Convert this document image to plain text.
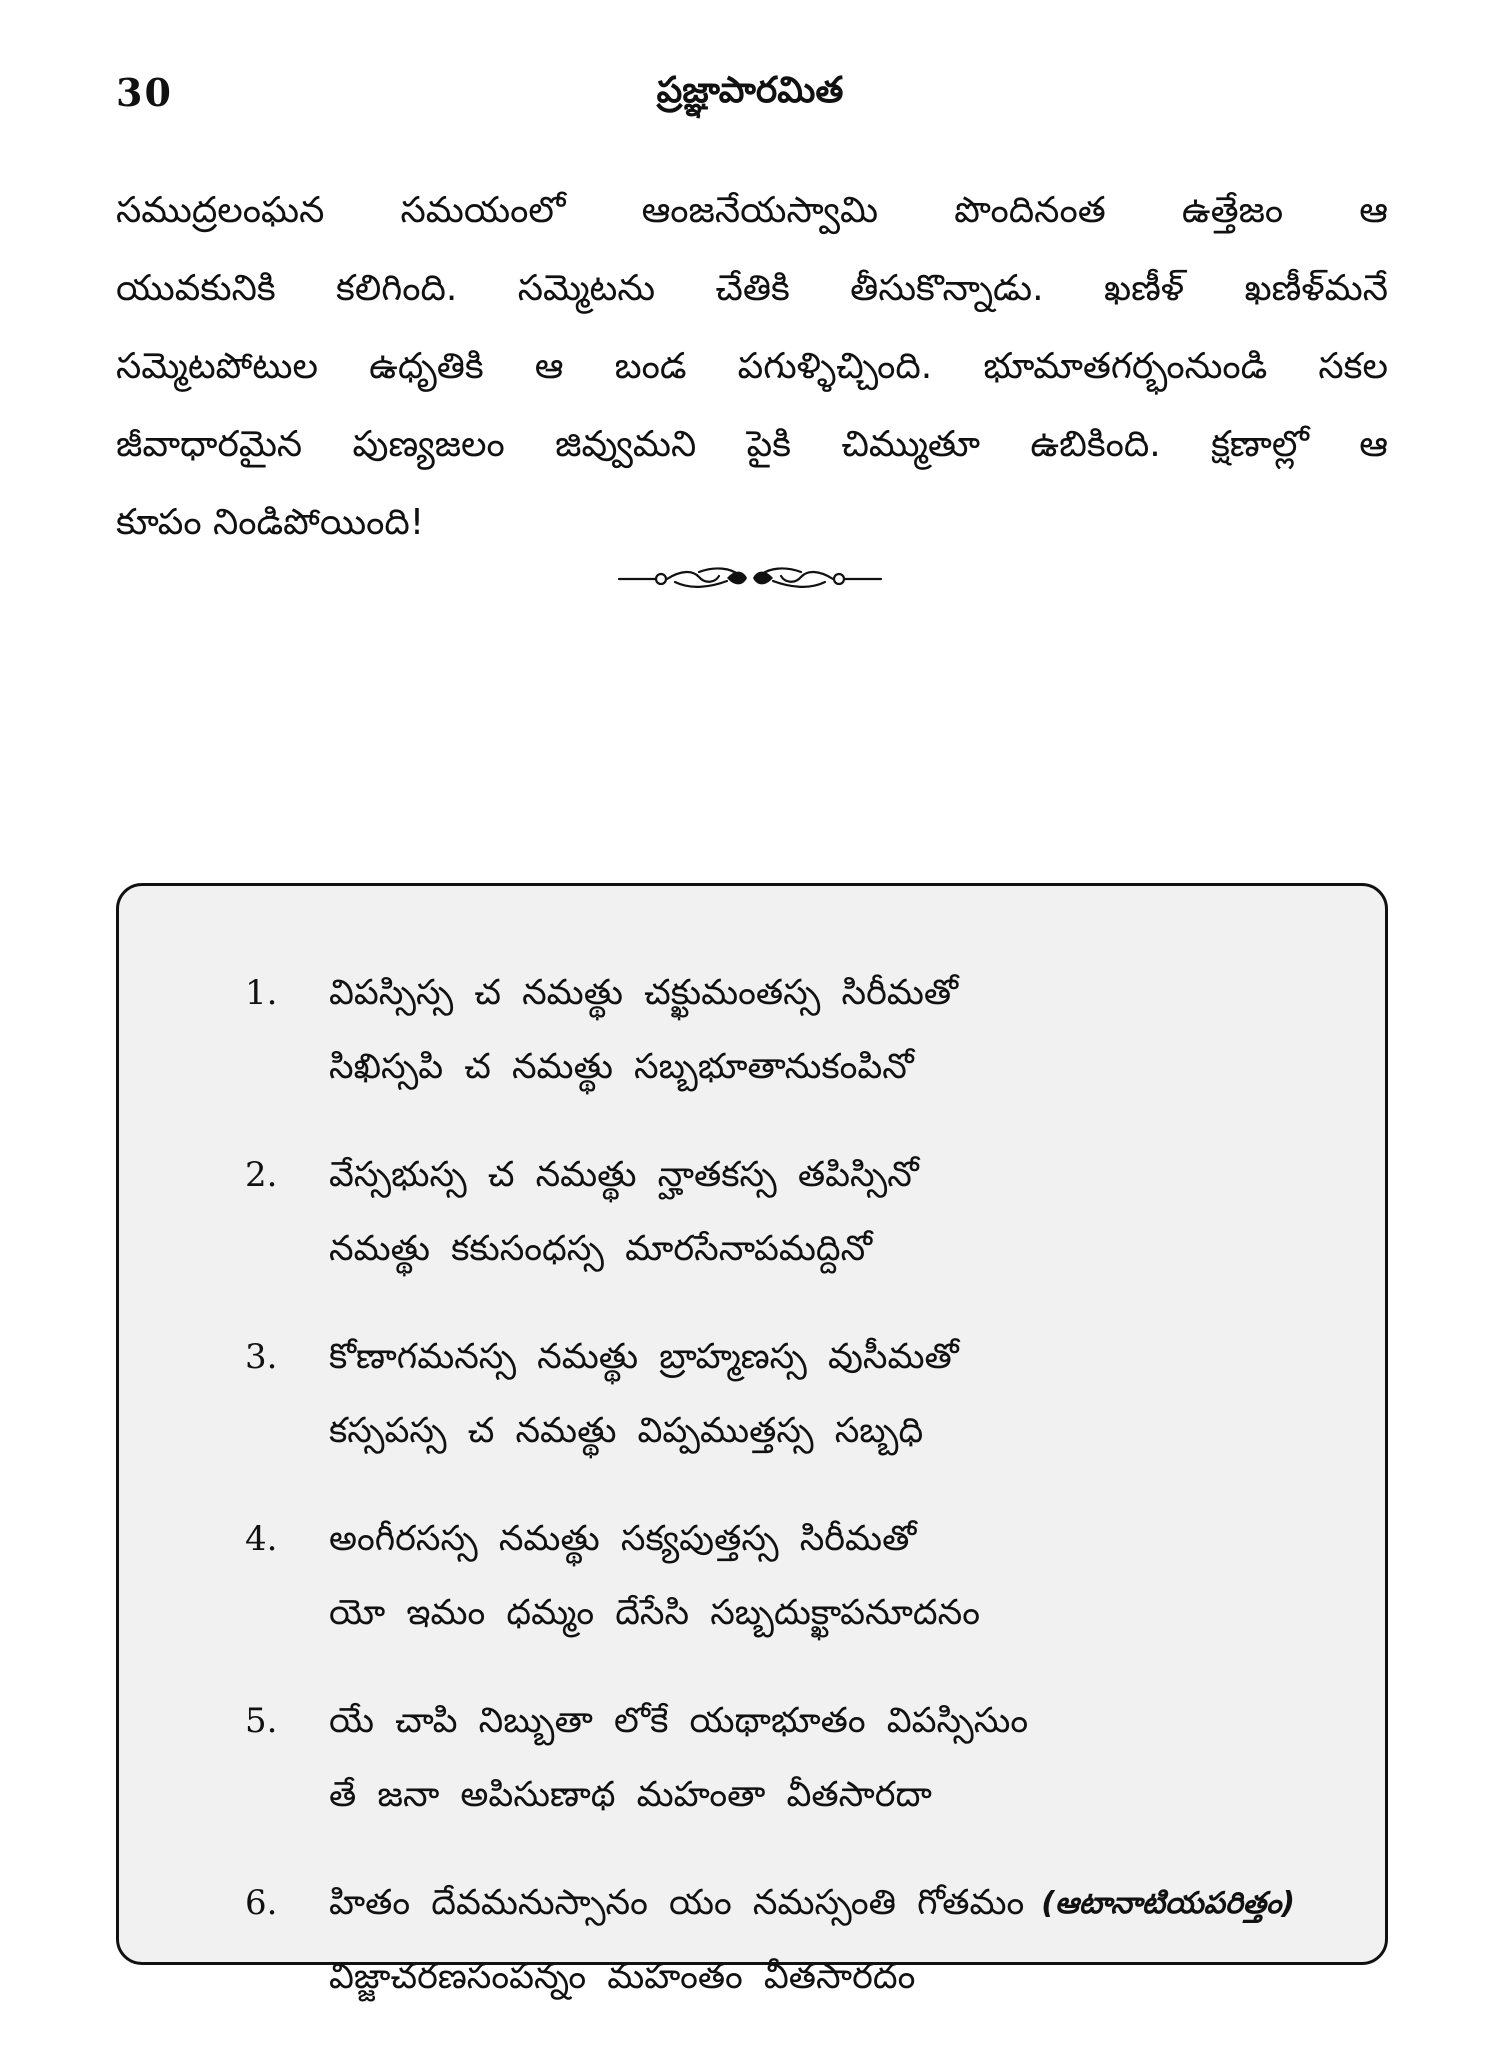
30	ప్రజ్ఞాపారమిత

సముద్రలంఘన సమయంలో ఆంజనేయస్వామి పొందినంత ఉత్తేజం ఆ
యువకునికి కలిగింది. సమ్మెటను చేతికి తీసుకొన్నాడు. ఖణీళ్ ఖణీళ్‌మనే
సమ్మెటపోటుల ఉధృతికి ఆ బండ పగుళ్ళిచ్చింది. భూమాతగర్భంనుండి సకల
జీవాధారమైన పుణ్యజలం జివ్వుమని పైకి చిమ్ముతూ ఉబికింది. క్షణాల్లో ఆ
కూపం నిండిపోయింది!

1.	విపస్సిస్స చ నమత్థు చక్ఖుమంతస్స సిరీమతో
సిఖిస్సపి చ నమత్థు సబ్బభూతానుకంపినో
2.	వేస్సభుస్స చ నమత్థు న్హాతకస్స తపిస్సినో
నమత్థు కకుసంధస్స మారసేనాపమద్దినో
3.	కోణాగమనస్స నమత్థు బ్రాహ్మణస్స వుసీమతో
కస్సపస్స చ నమత్థు విప్పముత్తస్స సబ్బధి
4.	అంగీరసస్స నమత్థు సక్యపుత్తస్స సిరీమతో
యో ఇమం ధమ్మం దేసేసి సబ్బదుక్ఖాపనూదనం
5.	యే చాపి నిబ్బుతా లోకే యథాభూతం విపస్సిసుం
తే జనా అపిసుణాథ మహంతా వీతసారదా
6.	హితం దేవమనుస్సానం యం నమస్సంతి గోతమం
విజ్జాచరణసంపన్నం మహంతం వీతసారదం
(ఆటానాటియపరిత్తం)
